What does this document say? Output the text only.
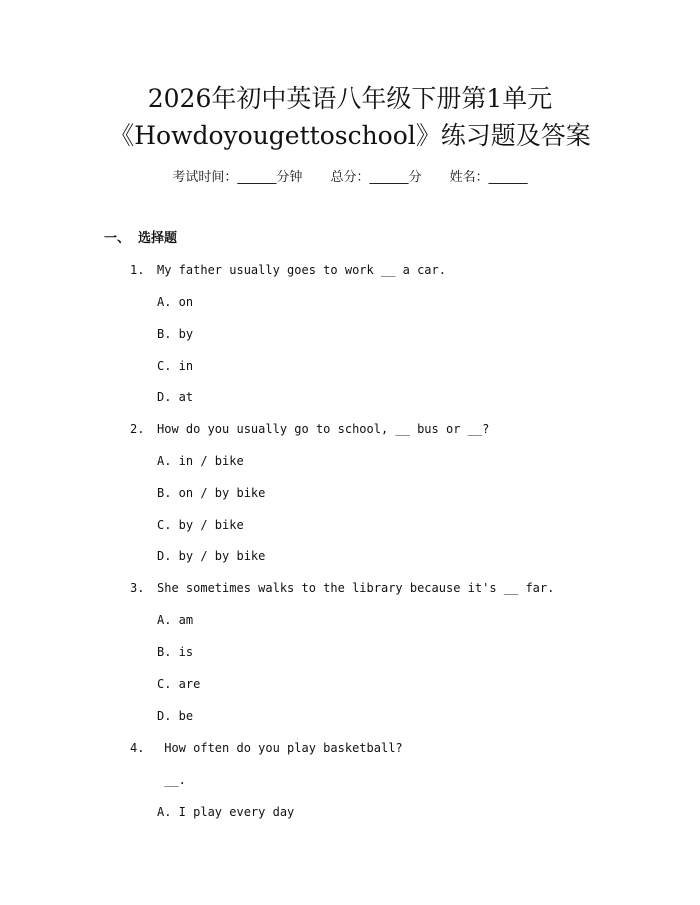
2026年初中英语八年级下册第1单元
《Howdoyougettoschool》练习题及答案
考试时间：______分钟 总分：______分 姓名：______
一、 选择题
1. My father usually goes to work __ a car.
A. on
B. by
C. in
D. at
2. How do you usually go to school, __ bus or __?
A. in / bike
B. on / by bike
C. by / bike
D. by / by bike
3. She sometimes walks to the library because it's __ far.
A. am
B. is
C. are
D. be
4. How often do you play basketball?
__.
A. I play every day
